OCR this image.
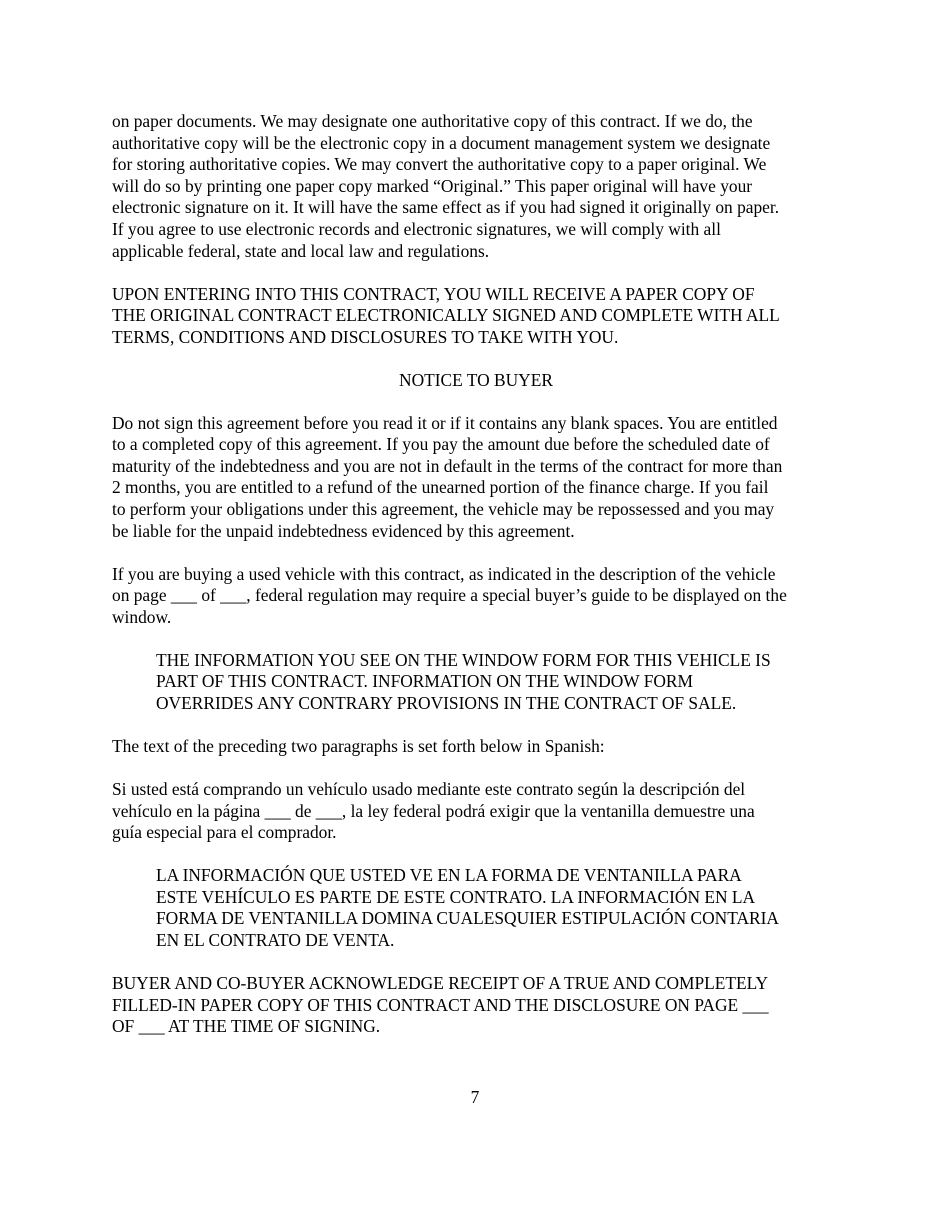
on paper documents. We may designate one authoritative copy of this contract. If we do, the
authoritative copy will be the electronic copy in a document management system we designate
for storing authoritative copies. We may convert the authoritative copy to a paper original. We
will do so by printing one paper copy marked “Original.” This paper original will have your
electronic signature on it. It will have the same effect as if you had signed it originally on paper.
If you agree to use electronic records and electronic signatures, we will comply with all
applicable federal, state and local law and regulations.

UPON ENTERING INTO THIS CONTRACT, YOU WILL RECEIVE A PAPER COPY OF
THE ORIGINAL CONTRACT ELECTRONICALLY SIGNED AND COMPLETE WITH ALL
TERMS, CONDITIONS AND DISCLOSURES TO TAKE WITH YOU.

NOTICE TO BUYER

Do not sign this agreement before you read it or if it contains any blank spaces. You are entitled
to a completed copy of this agreement. If you pay the amount due before the scheduled date of
maturity of the indebtedness and you are not in default in the terms of the contract for more than
2 months, you are entitled to a refund of the unearned portion of the finance charge. If you fail
to perform your obligations under this agreement, the vehicle may be repossessed and you may
be liable for the unpaid indebtedness evidenced by this agreement.

If you are buying a used vehicle with this contract, as indicated in the description of the vehicle
on page ___ of ___, federal regulation may require a special buyer’s guide to be displayed on the
window.

THE INFORMATION YOU SEE ON THE WINDOW FORM FOR THIS VEHICLE IS
PART OF THIS CONTRACT. INFORMATION ON THE WINDOW FORM
OVERRIDES ANY CONTRARY PROVISIONS IN THE CONTRACT OF SALE.

The text of the preceding two paragraphs is set forth below in Spanish:

Si usted está comprando un vehículo usado mediante este contrato según la descripción del
vehículo en la página ___ de ___, la ley federal podrá exigir que la ventanilla demuestre una
guía especial para el comprador.

LA INFORMACIÓN QUE USTED VE EN LA FORMA DE VENTANILLA PARA
ESTE VEHÍCULO ES PARTE DE ESTE CONTRATO. LA INFORMACIÓN EN LA
FORMA DE VENTANILLA DOMINA CUALESQUIER ESTIPULACIÓN CONTARIA
EN EL CONTRATO DE VENTA.

BUYER AND CO-BUYER ACKNOWLEDGE RECEIPT OF A TRUE AND COMPLETELY
FILLED-IN PAPER COPY OF THIS CONTRACT AND THE DISCLOSURE ON PAGE ___
OF ___ AT THE TIME OF SIGNING.

7
